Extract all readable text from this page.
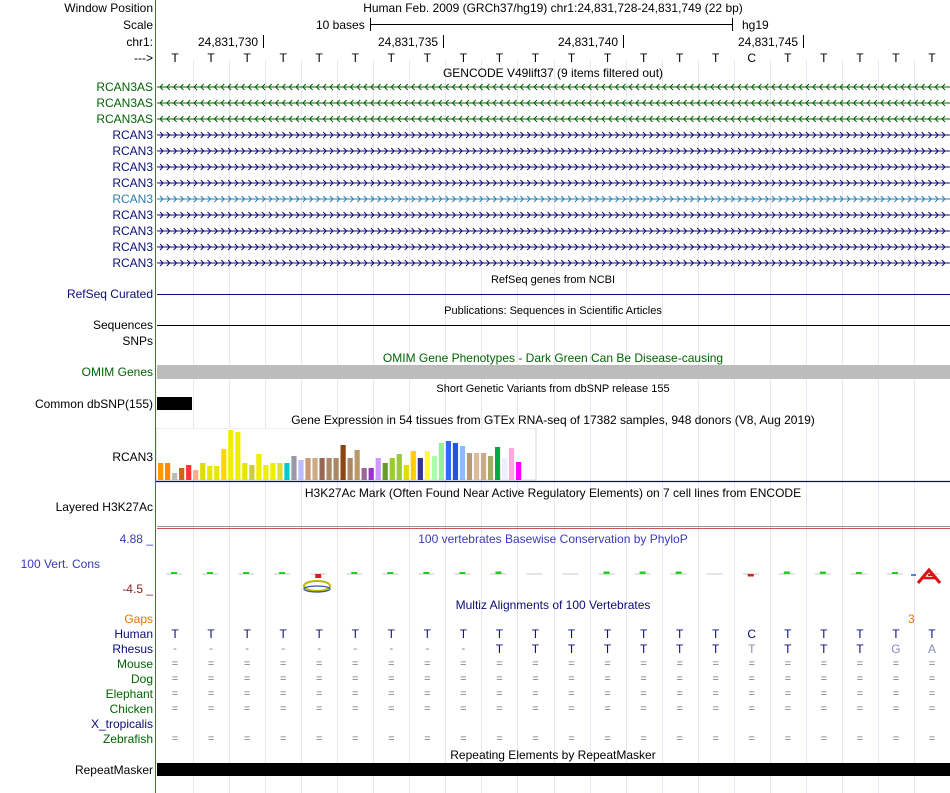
Window Position
Scale
chr1:
--->
Human Feb. 2009 (GRCh37/hg19) chr1:24,831,728-24,831,749 (22 bp)
10 bases	hg19
24,831,730	24,831,735	24,831,740	24,831,745
T T T T T T T T T T T T T T T T C T T T T T
GENCODE V49lift37 (9 items filtered out)
RCAN3AS
RCAN3AS
RCAN3AS
RCAN3
RCAN3
RCAN3
RCAN3
RCAN3
RCAN3
RCAN3
RCAN3
RCAN3
RefSeq genes from NCBI
RefSeq Curated
Publications: Sequences in Scientific Articles
Sequences
SNPs
OMIM Gene Phenotypes - Dark Green Can Be Disease-causing
OMIM Genes
Short Genetic Variants from dbSNP release 155
Common dbSNP(155)
Gene Expression in 54 tissues from GTEx RNA-seq of 17382 samples, 948 donors (V8, Aug 2019)
RCAN3
H3K27Ac Mark (Often Found Near Active Regulatory Elements) on 7 cell lines from ENCODE
Layered H3K27Ac
4.88 _	100 vertebrates Basewise Conservation by PhyloP
100 Vert. Cons
-4.5 _
Multiz Alignments of 100 Vertebrates
Gaps	3
Human T T T T T T T T T T T T T T T T C T T T T T
Rhesus -	-	-	-	-	-	-	-	-	T T T T T T T T T T T G A
Mouse =	=	=	=	=	=	=	=	=	=	=	=	=	=	=	=	=	=	=	=	=	=
Dog =	=	=	=	=	=	=	=	=	=	=	=	=	=	=	=	=	=	=	=	=	=
Elephant =	=	=	=	=	=	=	=	=	=	=	=	=	=	=	=	=	=	=	=	=	=
Chicken =	=	=	=	=	=	=	=	=	=	=	=	=	=	=	=	=	=	=	=	=	=
X_tropicalis
Zebrafish =	=	=	=	=	=	=	=	=	=	=	=	=	=	=	=	=	=	=	=	=	=
Repeating Elements by RepeatMasker
RepeatMasker
